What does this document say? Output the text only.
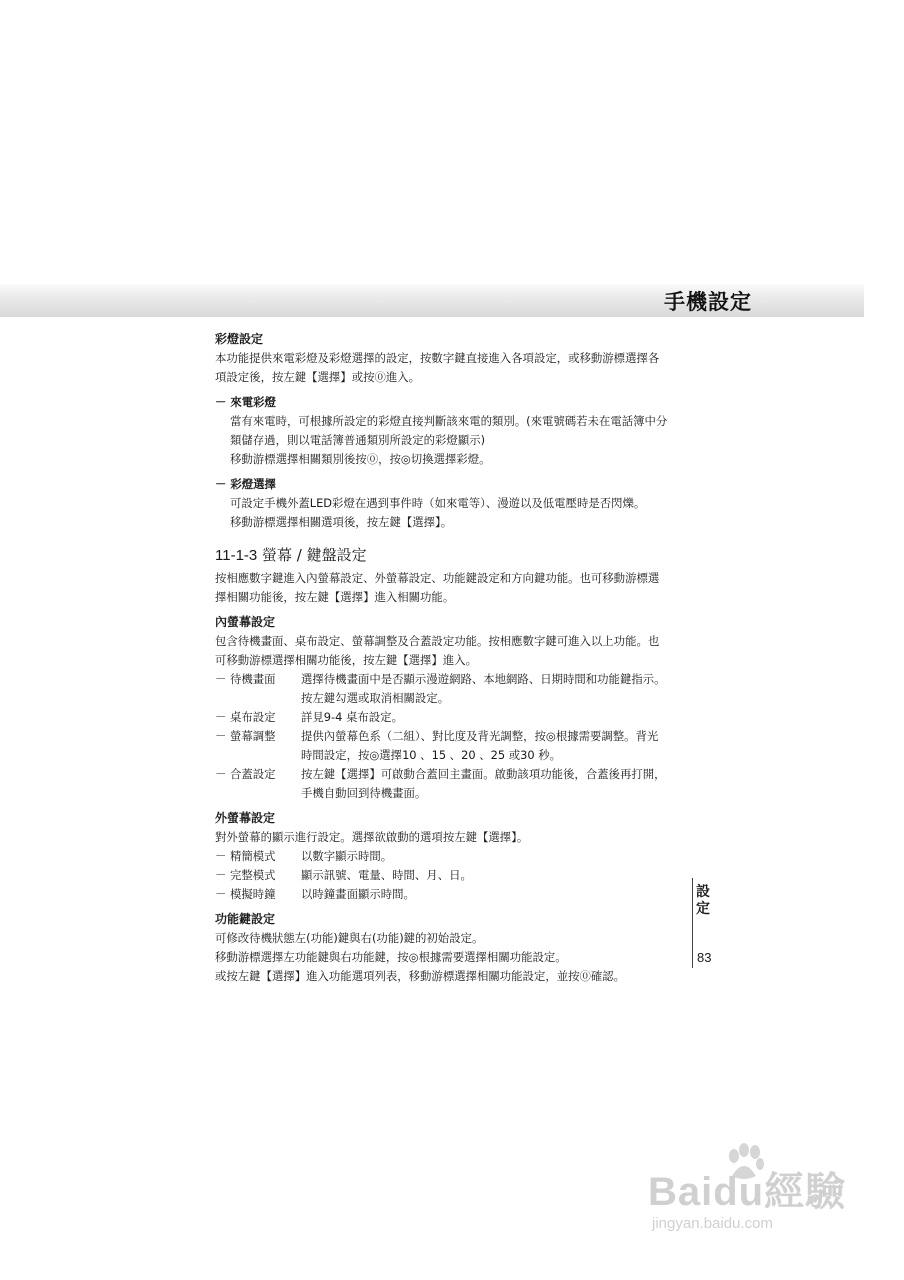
手機設定
彩燈設定
本功能提供來電彩燈及彩燈選擇的設定，按數字鍵直接進入各項設定，或移動游標選擇各
項設定後，按左鍵【選擇】或按⓪進入。
－ 來電彩燈
當有來電時，可根據所設定的彩燈直接判斷該來電的類別。(來電號碼若未在電話簿中分
類儲存過，則以電話簿普通類別所設定的彩燈顯示)
移動游標選擇相關類別後按⓪，按◎切換選擇彩燈。
－ 彩燈選擇
可設定手機外蓋LED彩燈在遇到事件時（如來電等）、漫遊以及低電壓時是否閃爍。
移動游標選擇相關選項後，按左鍵【選擇】。
11-1-3 螢幕 / 鍵盤設定
按相應數字鍵進入內螢幕設定、外螢幕設定、功能鍵設定和方向鍵功能。也可移動游標選
擇相關功能後，按左鍵【選擇】進入相關功能。
內螢幕設定
包含待機畫面、桌布設定、螢幕調整及合蓋設定功能。按相應數字鍵可進入以上功能。也
可移動游標選擇相關功能後，按左鍵【選擇】進入。
－ 待機畫面	選擇待機畫面中是否顯示漫遊網路、本地網路、日期時間和功能鍵指示。
按左鍵勾選或取消相關設定。
－ 桌布設定	詳見9-4 桌布設定。
－ 螢幕調整	提供內螢幕色系（二組）、對比度及背光調整，按◎根據需要調整。背光
時間設定，按◎選擇10 、15 、20 、25 或30 秒。
－ 合蓋設定	按左鍵【選擇】可啟動合蓋回主畫面。啟動該項功能後，合蓋後再打開，
手機自動回到待機畫面。
外螢幕設定
對外螢幕的顯示進行設定。選擇欲啟動的選項按左鍵【選擇】。
－ 精簡模式	以數字顯示時間。
－ 完整模式	顯示訊號、電量、時間、月、日。
－ 模擬時鐘	以時鐘畫面顯示時間。
功能鍵設定
可修改待機狀態左(功能)鍵與右(功能)鍵的初始設定。
移動游標選擇左功能鍵與右功能鍵，按◎根據需要選擇相關功能設定。
或按左鍵【選擇】進入功能選項列表，移動游標選擇相關功能設定，並按⓪確認。
設定
83
Baidu經驗
jingyan.baidu.com
